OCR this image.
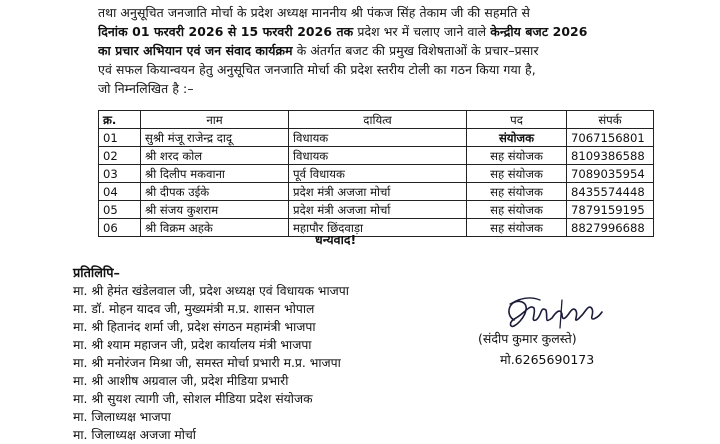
तथा अनुसूचित जनजाति मोर्चा के प्रदेश अध्यक्ष माननीय श्री पंकज सिंह तेकाम जी की सहमति से
दिनांक 01 फरवरी 2026 से 15 फरवरी 2026 तक प्रदेश भर में चलाए जाने वाले केन्द्रीय बजट 2026
का प्रचार अभियान एवं जन संवाद कार्यक्रम के अंतर्गत बजट की प्रमुख विशेषताओं के प्रचार–प्रसार
एवं सफल कियान्वयन हेतु अनुसूचित जनजाति मोर्चा की प्रदेश स्तरीय टोली का गठन किया गया है,
जो निम्नलिखित है :–
क्र.	नाम	दायित्व	पद	संपर्क
01	सुश्री मंजू राजेन्द्र दादू	विधायक	संयोजक	7067156801
02	श्री शरद कोल	विधायक	सह संयोजक	8109386588
03	श्री दिलीप मकवाना	पूर्व विधायक	सह संयोजक	7089035954
04	श्री दीपक उईके	प्रदेश मंत्री अजजा मोर्चा	सह संयोजक	8435574448
05	श्री संजय कुशराम	प्रदेश मंत्री अजजा मोर्चा	सह संयोजक	7879159195
06	श्री विक्रम अहके	महापौर छिंदवाड़ा	सह संयोजक	8827996688
धन्यवाद!
प्रतिलिपि–
मा. श्री हेमंत खंडेलवाल जी, प्रदेश अध्यक्ष एवं विधायक भाजपा
मा. डॉ. मोहन यादव जी, मुख्यमंत्री म.प्र. शासन भोपाल
मा. श्री हितानंद शर्मा जी, प्रदेश संगठन महामंत्री भाजपा
मा. श्री श्याम महाजन जी, प्रदेश कार्यालय मंत्री भाजपा
मा. श्री मनोरंजन मिश्रा जी, समस्त मोर्चा प्रभारी म.प्र. भाजपा
मा. श्री आशीष अग्रवाल जी, प्रदेश मीडिया प्रभारी
मा. श्री सुयश त्यागी जी, सोशल मीडिया प्रदेश संयोजक
मा. जिलाध्यक्ष भाजपा
मा. जिलाध्यक्ष अजजा मोर्चा
(संदीप कुमार कुलस्ते)
मो.6265690173
